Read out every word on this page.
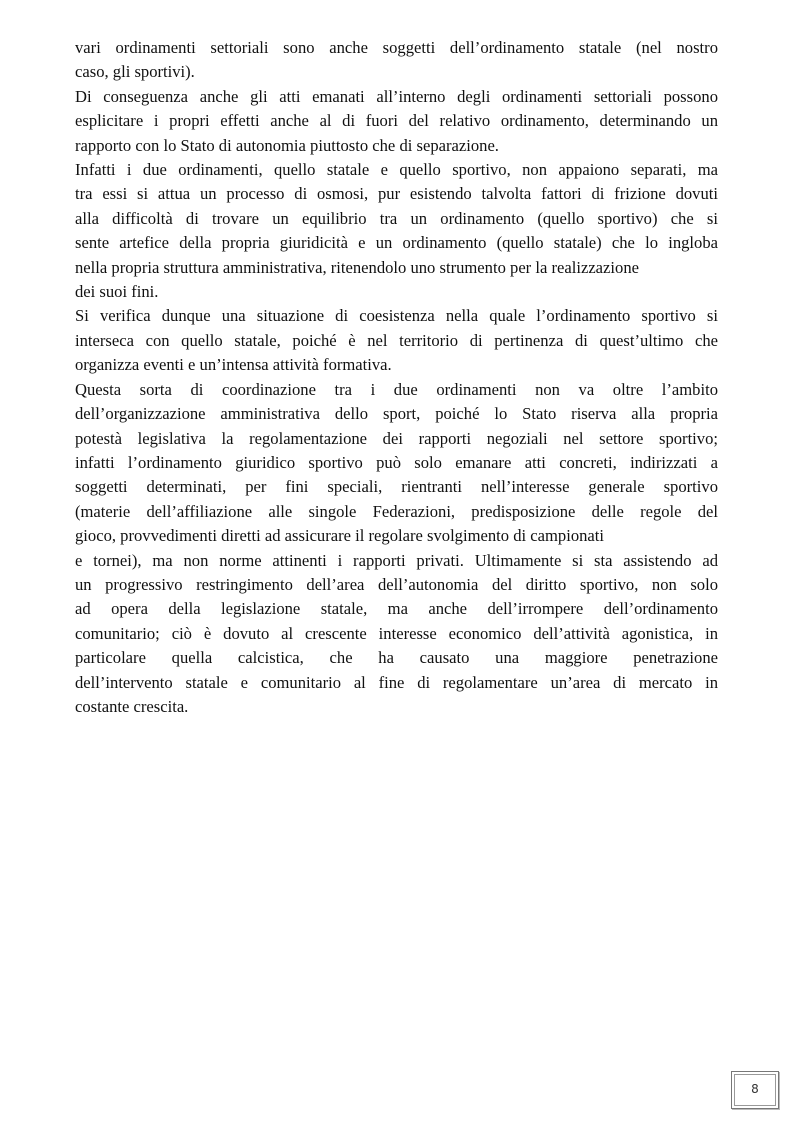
vari ordinamenti settoriali sono anche soggetti dell’ordinamento statale (nel nostro
caso, gli sportivi).

Di conseguenza anche gli atti emanati all’interno degli ordinamenti settoriali possono
esplicitare i propri effetti anche al di fuori del relativo ordinamento, determinando un
rapporto con lo Stato di autonomia piuttosto che di separazione.

Infatti i due ordinamenti, quello statale e quello sportivo, non appaiono separati, ma
tra essi si attua un processo di osmosi, pur esistendo talvolta fattori di frizione dovuti
alla difficoltà di trovare un equilibrio tra un ordinamento (quello sportivo) che si
sente artefice della propria giuridicità e un ordinamento (quello statale) che lo ingloba
nella propria struttura amministrativa, ritenendolo uno strumento per la realizzazione
dei suoi fini.

Si verifica dunque una situazione di coesistenza nella quale l’ordinamento sportivo si
interseca con quello statale, poiché è nel territorio di pertinenza di quest’ultimo che
organizza eventi e un’intensa attività formativa.

Questa sorta di coordinazione tra i due ordinamenti non va oltre l’ambito
dell’organizzazione amministrativa dello sport, poiché lo Stato riserva alla propria
potestà legislativa la regolamentazione dei rapporti negoziali nel settore sportivo;
infatti l’ordinamento giuridico sportivo può solo emanare atti concreti, indirizzati a
soggetti determinati, per fini speciali, rientranti nell’interesse generale sportivo
(materie dell’affiliazione alle singole Federazioni, predisposizione delle regole del
gioco, provvedimenti diretti ad assicurare il regolare svolgimento di campionati
e tornei), ma non norme attinenti i rapporti privati. Ultimamente si sta assistendo ad
un progressivo restringimento dell’area dell’autonomia del diritto sportivo, non solo
ad opera della legislazione statale, ma anche dell’irrompere dell’ordinamento
comunitario; ciò è dovuto al crescente interesse economico dell’attività agonistica, in
particolare quella calcistica, che ha causato una maggiore penetrazione
dell’intervento statale e comunitario al fine di regolamentare un’area di mercato in
costante crescita.

8
